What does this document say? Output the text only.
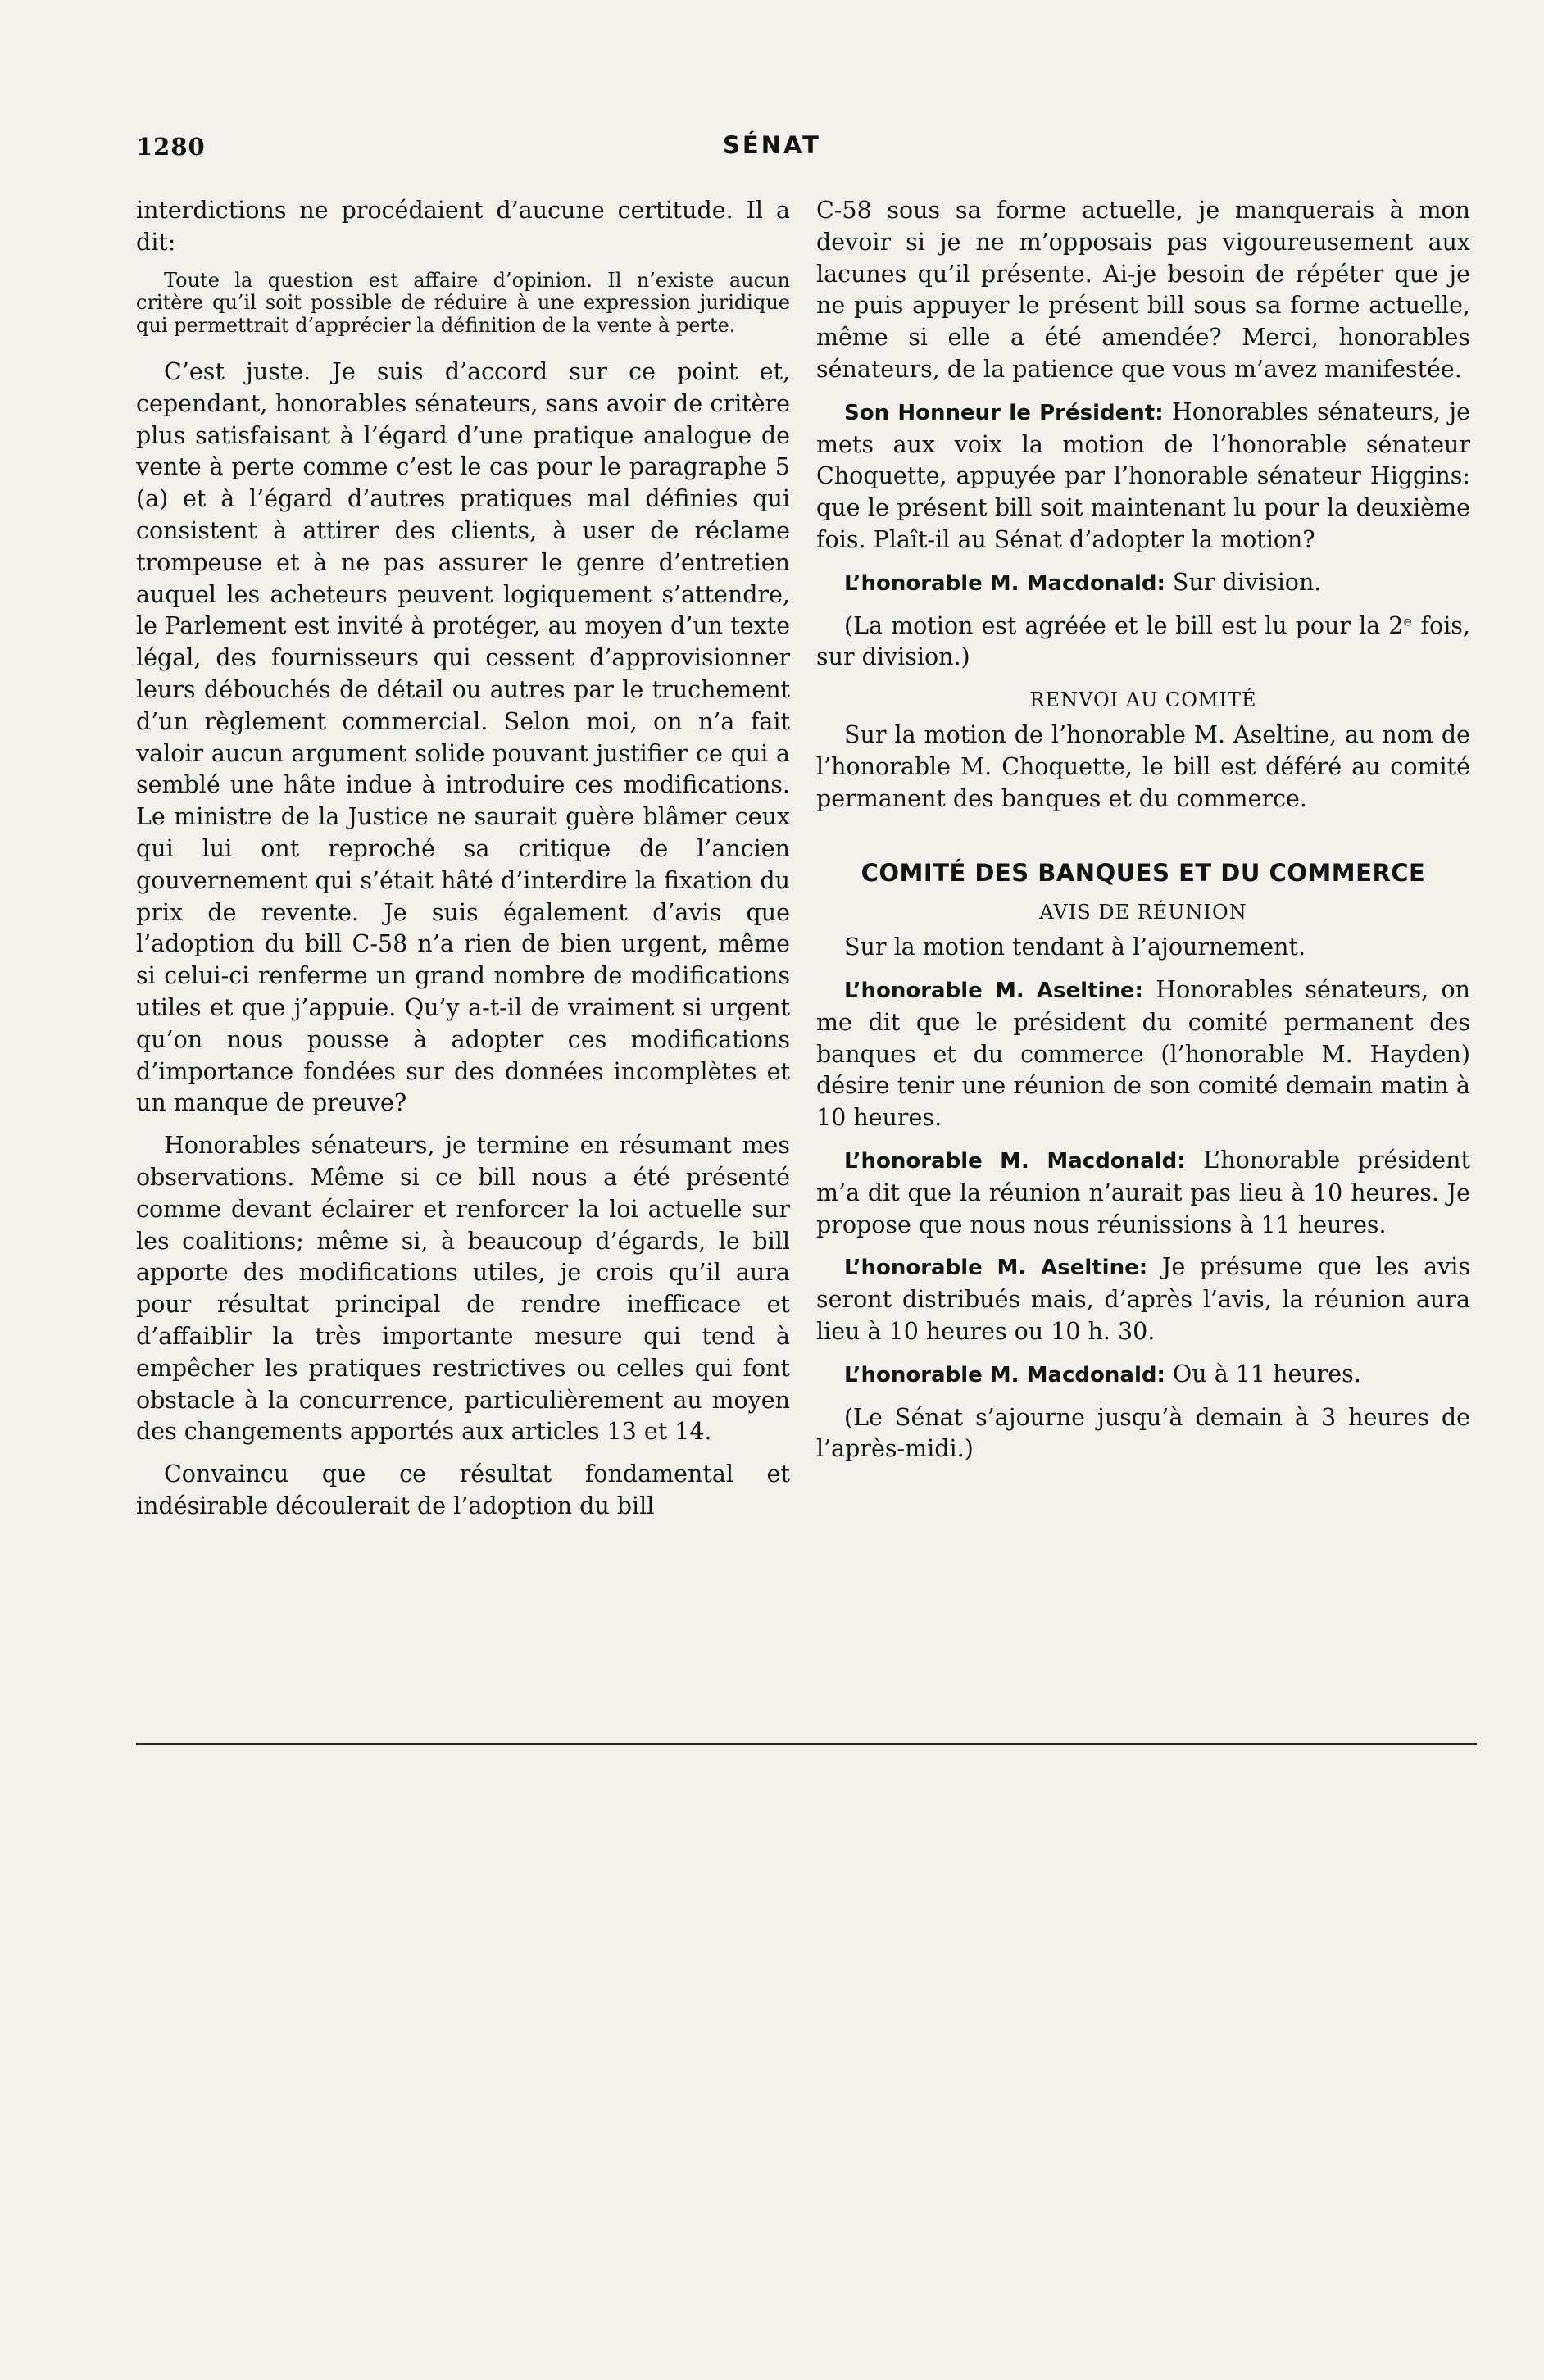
1280	SÉNAT

interdictions ne procédaient d’aucune certitude. Il a dit:

Toute la question est affaire d’opinion. Il n’existe aucun critère qu’il soit possible de réduire à une expression juridique qui permettrait d’apprécier la définition de la vente à perte.

C’est juste. Je suis d’accord sur ce point et, cependant, honorables sénateurs, sans avoir de critère plus satisfaisant à l’égard d’une pratique analogue de vente à perte comme c’est le cas pour le paragraphe 5 (a) et à l’égard d’autres pratiques mal définies qui consistent à attirer des clients, à user de réclame trompeuse et à ne pas assurer le genre d’entretien auquel les acheteurs peuvent logiquement s’attendre, le Parlement est invité à protéger, au moyen d’un texte légal, des fournisseurs qui cessent d’approvisionner leurs débouchés de détail ou autres par le truchement d’un règlement commercial. Selon moi, on n’a fait valoir aucun argument solide pouvant justifier ce qui a semblé une hâte indue à introduire ces modifications. Le ministre de la Justice ne saurait guère blâmer ceux qui lui ont reproché sa critique de l’ancien gouvernement qui s’était hâté d’interdire la fixation du prix de revente. Je suis également d’avis que l’adoption du bill C-58 n’a rien de bien urgent, même si celui-ci renferme un grand nombre de modifications utiles et que j’appuie. Qu’y a-t-il de vraiment si urgent qu’on nous pousse à adopter ces modifications d’importance fondées sur des données incomplètes et un manque de preuve?

Honorables sénateurs, je termine en résumant mes observations. Même si ce bill nous a été présenté comme devant éclairer et renforcer la loi actuelle sur les coalitions; même si, à beaucoup d’égards, le bill apporte des modifications utiles, je crois qu’il aura pour résultat principal de rendre inefficace et d’affaiblir la très importante mesure qui tend à empêcher les pratiques restrictives ou celles qui font obstacle à la concurrence, particulièrement au moyen des changements apportés aux articles 13 et 14.

Convaincu que ce résultat fondamental et indésirable découlerait de l’adoption du bill

C-58 sous sa forme actuelle, je manquerais à mon devoir si je ne m’opposais pas vigoureusement aux lacunes qu’il présente. Ai-je besoin de répéter que je ne puis appuyer le présent bill sous sa forme actuelle, même si elle a été amendée? Merci, honorables sénateurs, de la patience que vous m’avez manifestée.

Son Honneur le Président: Honorables sénateurs, je mets aux voix la motion de l’honorable sénateur Choquette, appuyée par l’honorable sénateur Higgins: que le présent bill soit maintenant lu pour la deuxième fois. Plaît-il au Sénat d’adopter la motion?

L’honorable M. Macdonald: Sur division.

(La motion est agréée et le bill est lu pour la 2ᵉ fois, sur division.)

RENVOI AU COMITÉ

Sur la motion de l’honorable M. Aseltine, au nom de l’honorable M. Choquette, le bill est déféré au comité permanent des banques et du commerce.

COMITÉ DES BANQUES ET DU COMMERCE
AVIS DE RÉUNION

Sur la motion tendant à l’ajournement.

L’honorable M. Aseltine: Honorables sénateurs, on me dit que le président du comité permanent des banques et du commerce (l’honorable M. Hayden) désire tenir une réunion de son comité demain matin à 10 heures.

L’honorable M. Macdonald: L’honorable président m’a dit que la réunion n’aurait pas lieu à 10 heures. Je propose que nous nous réunissions à 11 heures.

L’honorable M. Aseltine: Je présume que les avis seront distribués mais, d’après l’avis, la réunion aura lieu à 10 heures ou 10 h. 30.

L’honorable M. Macdonald: Ou à 11 heures.

(Le Sénat s’ajourne jusqu’à demain à 3 heures de l’après-midi.)
